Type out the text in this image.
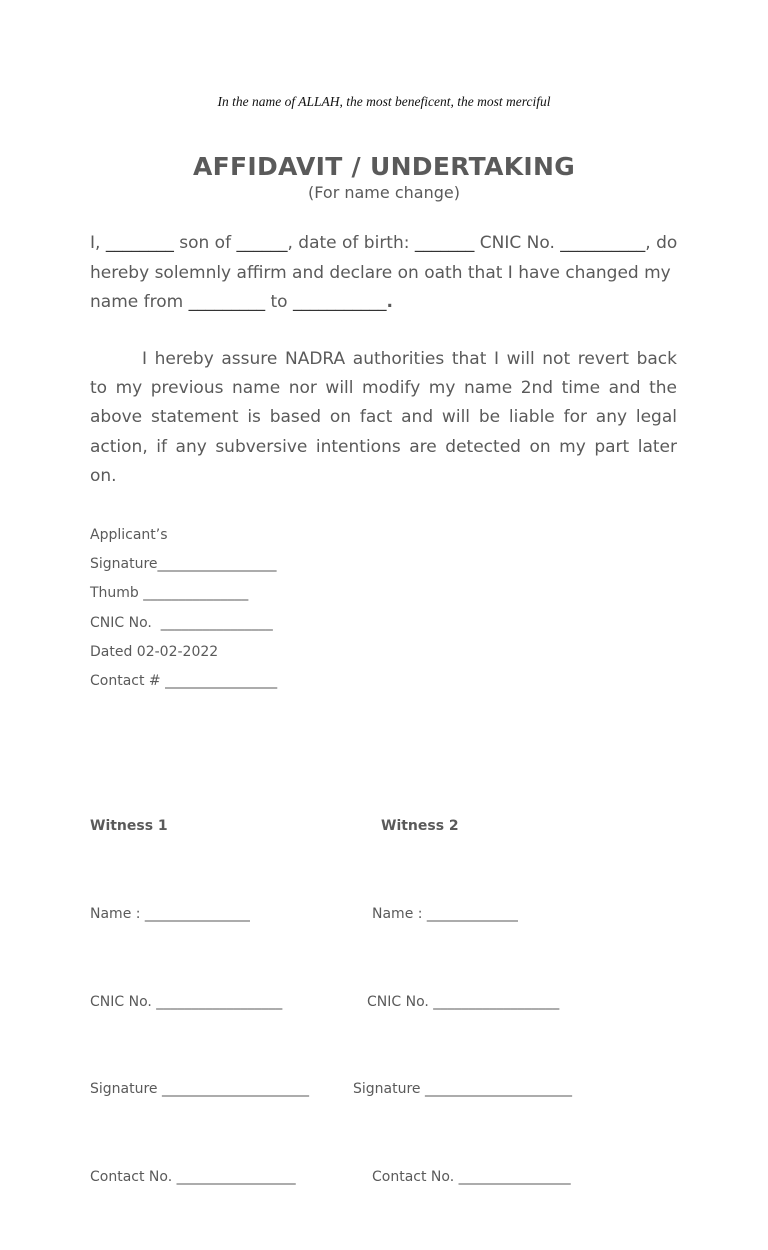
In the name of ALLAH, the most beneficent, the most merciful
AFFIDAVIT / UNDERTAKING
(For name change)

I, ________ son of ______, date of birth: _______ CNIC No. __________, do hereby solemnly affirm and declare on oath that I have changed my name from _________ to ___________.

I hereby assure NADRA authorities that I will not revert back to my previous name nor will modify my name 2nd time and the above statement is based on fact and will be liable for any legal action, if any subversive intentions are detected on my part later on.

Applicant’s
Signature_________________
Thumb _______________
CNIC No.  ________________
Dated 02-02-2022
Contact # ________________

Witness 1

Name : _______________

CNIC No. __________________

Signature _____________________

Contact No. _________________

Witness 2

Name : _____________

CNIC No. __________________

Signature _____________________

Contact No. ________________
